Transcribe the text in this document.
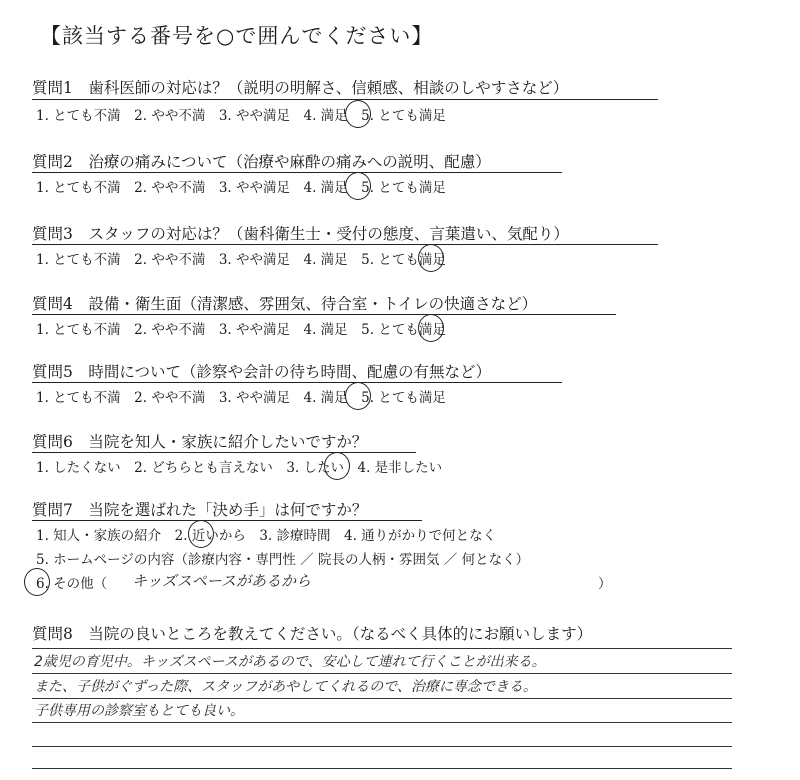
【該当する番号を○で囲んでください】
質問1　歯科医師の対応は？（説明の明解さ、信頼感、相談のしやすさなど）
1. とても不満　2. やや不満　3. やや満足　4. 満足　5. とても満足
質問2　治療の痛みについて（治療や麻酔の痛みへの説明、配慮）
1. とても不満　2. やや不満　3. やや満足　4. 満足　5. とても満足
質問3　スタッフの対応は？（歯科衛生士・受付の態度、言葉遣い、気配り）
1. とても不満　2. やや不満　3. やや満足　4. 満足　5. とても満足
質問4　設備・衛生面（清潔感、雰囲気、待合室・トイレの快適さなど）
1. とても不満　2. やや不満　3. やや満足　4. 満足　5. とても満足
質問5　時間について（診察や会計の待ち時間、配慮の有無など）
1. とても不満　2. やや不満　3. やや満足　4. 満足　5. とても満足
質問6　当院を知人・家族に紹介したいですか？
1. したくない　2. どちらとも言えない　3. したい　4. 是非したい
質問7　当院を選ばれた「決め手」は何ですか？
1. 知人・家族の紹介　2. 近いから　3. 診療時間　4. 通りがかりで何となく
5. ホームページの内容（診療内容・専門性 ／ 院長の人柄・雰囲気 ／ 何となく）
6. その他（ キッズスペースがあるから	）
質問8　当院の良いところを教えてください。（なるべく具体的にお願いします）
2歳児の育児中。キッズスペースがあるので、安心して連れて行くことが出来る。
また、子供がぐずった際、スタッフがあやしてくれるので、治療に専念できる。
子供専用の診察室もとても良い。
